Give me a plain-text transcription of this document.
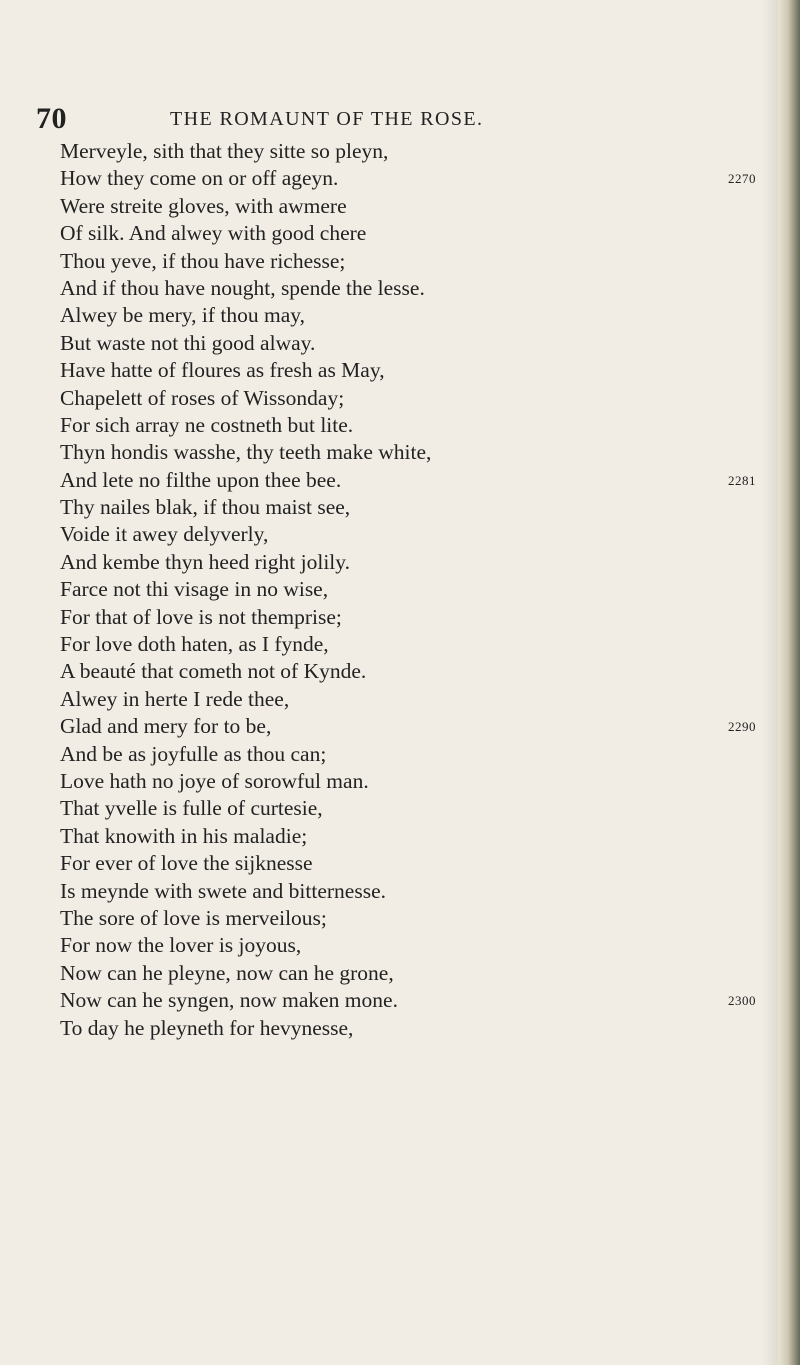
70	THE ROMAUNT OF THE ROSE.
Merveyle, sith that they sitte so pleyn,
How they come on or off ageyn.	2270
Were streite gloves, with awmere
Of silk. And alwey with good chere
Thou yeve, if thou have richesse;
And if thou have nought, spende the lesse.
Alwey be mery, if thou may,
But waste not thi good alway.
Have hatte of floures as fresh as May,
Chapelett of roses of Wissonday;
For sich array ne costneth but lite.
Thyn hondis wasshe, thy teeth make white,
And lete no filthe upon thee bee.	2281
Thy nailes blak, if thou maist see,
Voide it awey delyverly,
And kembe thyn heed right jolily.
Farce not thi visage in no wise,
For that of love is not themprise;
For love doth haten, as I fynde,
A beauté that cometh not of Kynde.
Alwey in herte I rede thee,
Glad and mery for to be,	2290
And be as joyfulle as thou can;
Love hath no joye of sorowful man.
That yvelle is fulle of curtesie,
That knowith in his maladie;
For ever of love the sijknesse
Is meynde with swete and bitternesse.
The sore of love is merveilous;
For now the lover is joyous,
Now can he pleyne, now can he grone,
Now can he syngen, now maken mone.	2300
To day he pleyneth for hevynesse,
